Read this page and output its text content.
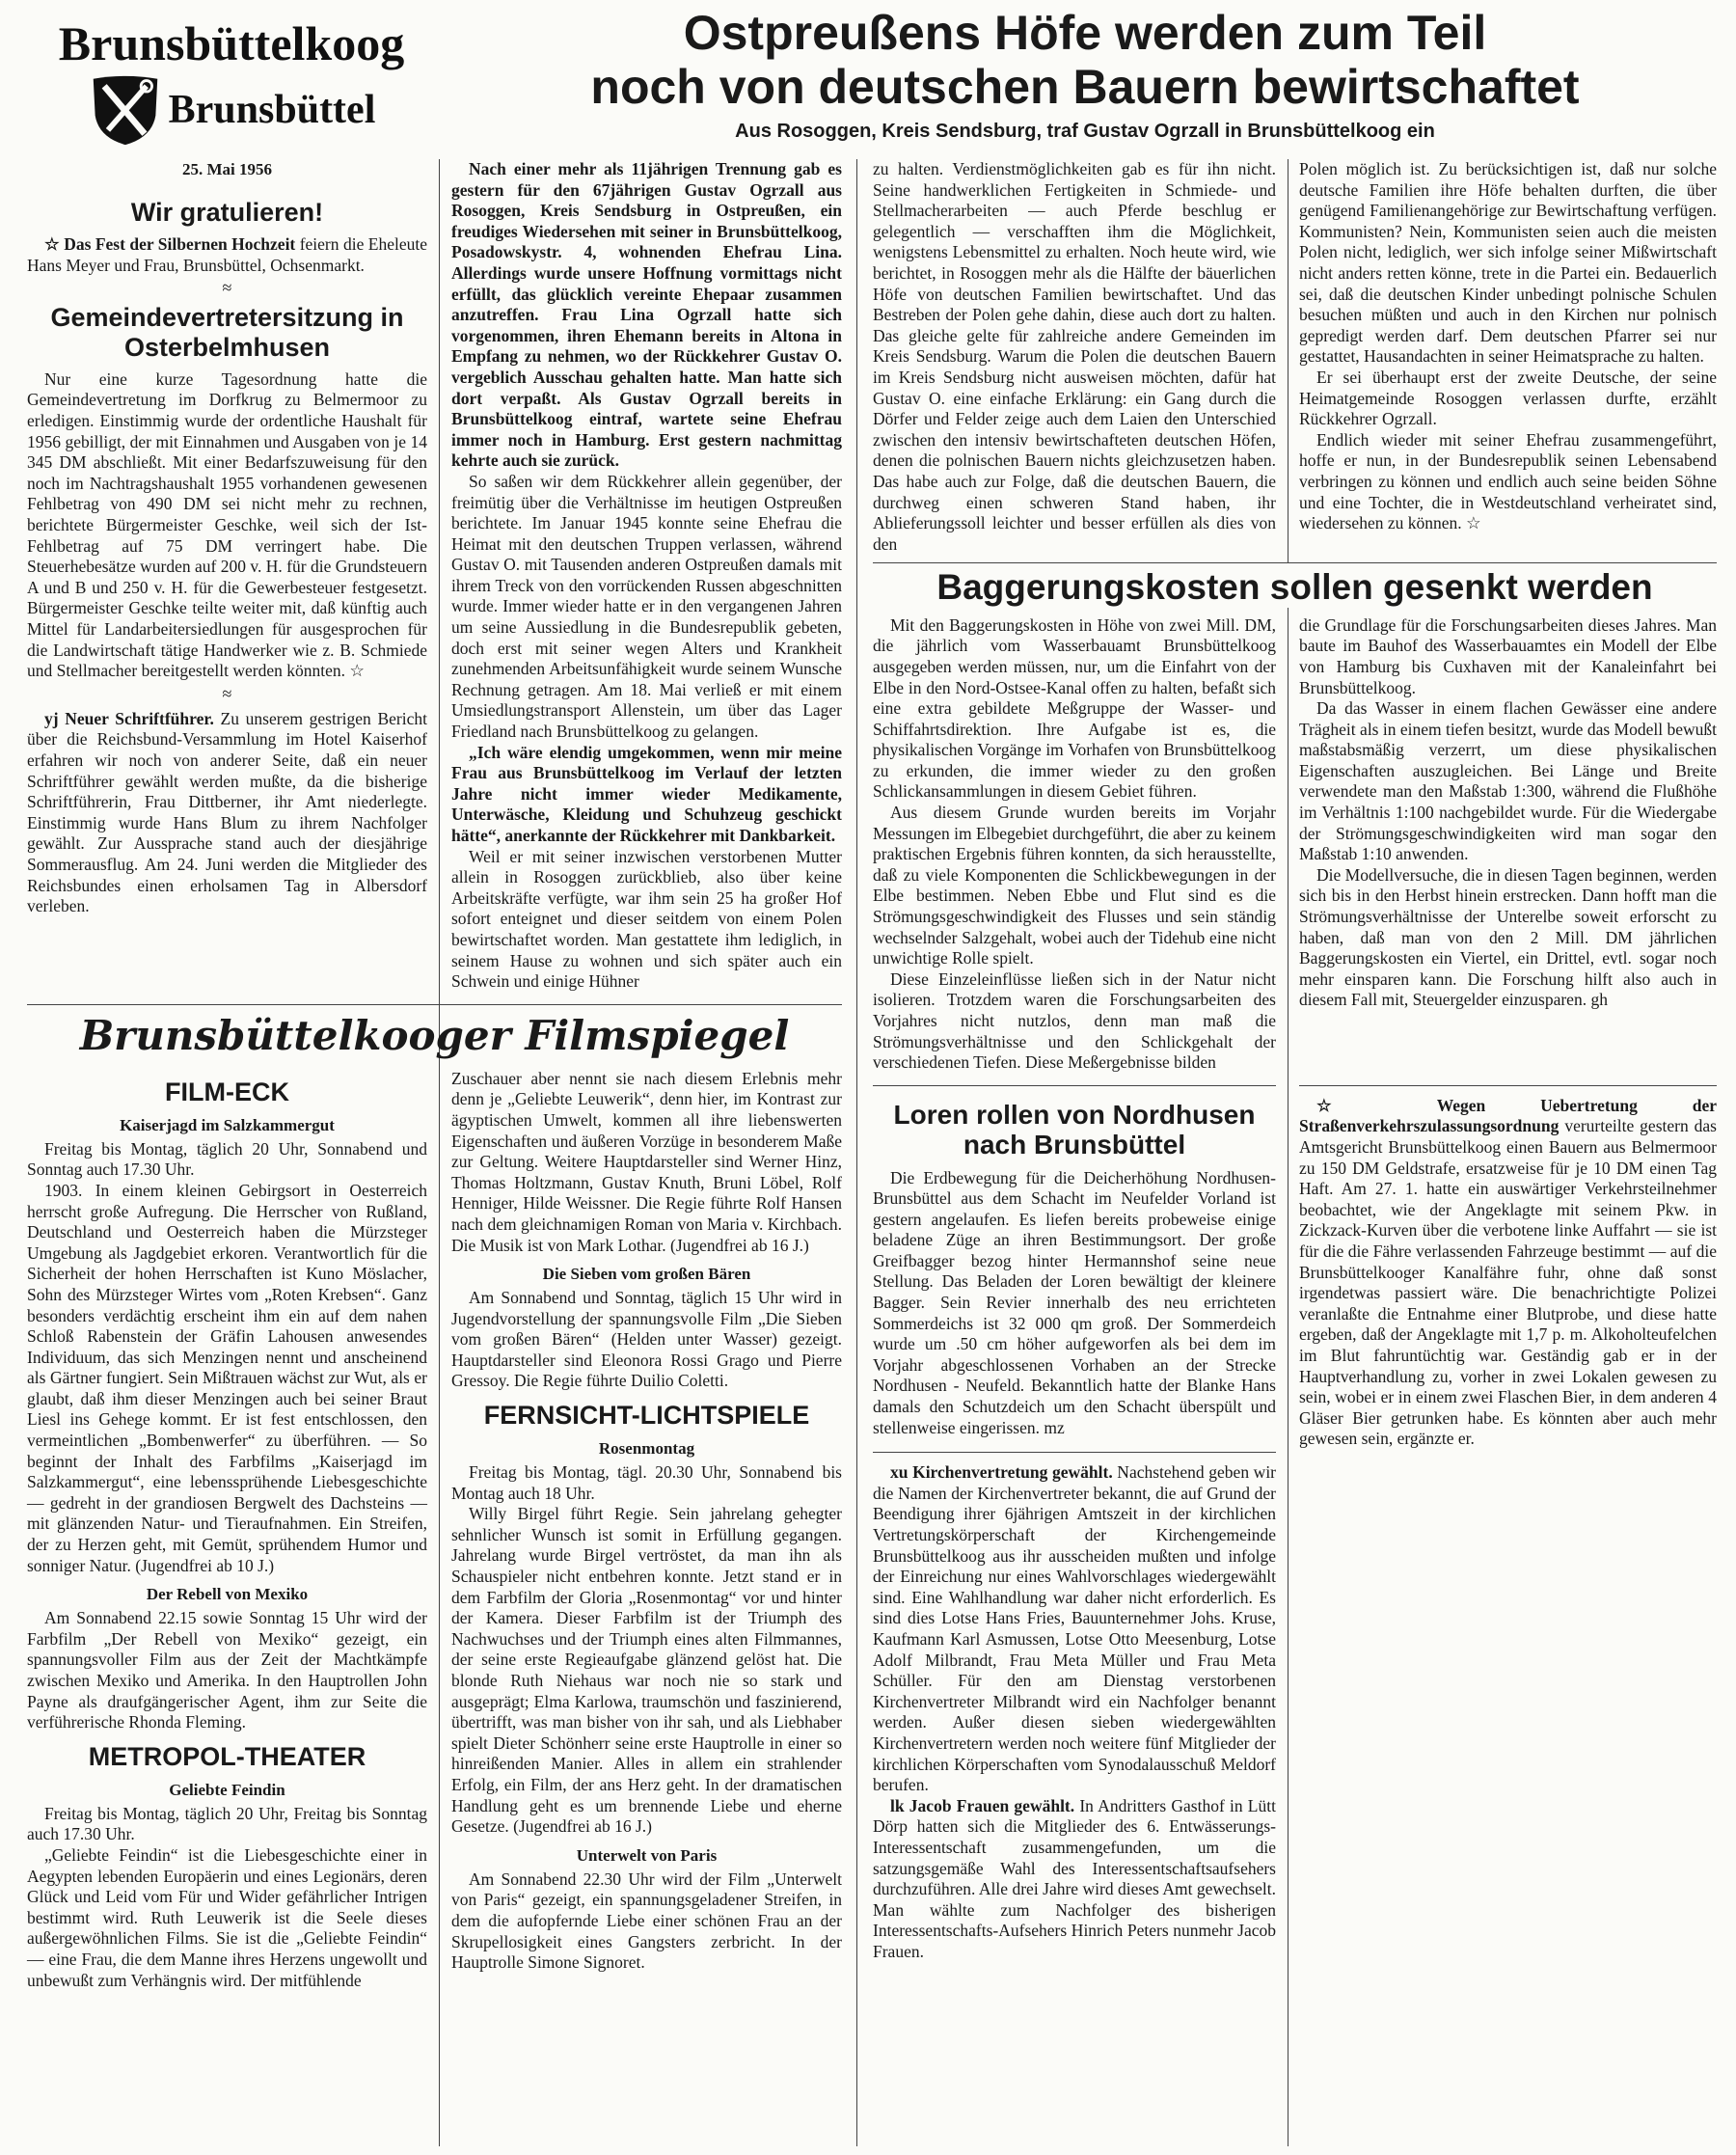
Brunsbüttelkoog
Brunsbüttel
Ostpreußens Höfe werden zum Teil
noch von deutschen Bauern bewirtschaftet
Aus Rosoggen, Kreis Sendsburg, traf Gustav Ogrzall in Brunsbüttelkoog ein
25. Mai 1956
Wir gratulieren!

☆ Das Fest der Silbernen Hochzeit feiern die Eheleute Hans Meyer und Frau, Brunsbüttel, Ochsenmarkt.

≈
Gemeindevertretersitzung in Osterbelmhusen

Nur eine kurze Tagesordnung hatte die Gemeindevertretung im Dorfkrug zu Belmermoor zu erledigen. Einstimmig wurde der ordentliche Haushalt für 1956 gebilligt, der mit Einnahmen und Ausgaben von je 14 345 DM abschließt. Mit einer Bedarfszuweisung für den noch im Nachtragshaushalt 1955 vorhandenen gewesenen Fehlbetrag von 490 DM sei nicht mehr zu rechnen, berichtete Bürgermeister Geschke, weil sich der Ist-Fehlbetrag auf 75 DM verringert habe. Die Steuerhebesätze wurden auf 200 v. H. für die Grundsteuern A und B und 250 v. H. für die Gewerbesteuer festgesetzt. Bürgermeister Geschke teilte weiter mit, daß künftig auch Mittel für Landarbeitersiedlungen für ausgesprochen für die Landwirtschaft tätige Handwerker wie z. B. Schmiede und Stellmacher bereitgestellt werden könnten. ☆

≈

yj Neuer Schriftführer. Zu unserem gestrigen Bericht über die Reichsbund-Versammlung im Hotel Kaiserhof erfahren wir noch von anderer Seite, daß ein neuer Schriftführer gewählt werden mußte, da die bisherige Schriftführerin, Frau Dittberner, ihr Amt niederlegte. Einstimmig wurde Hans Blum zu ihrem Nachfolger gewählt. Zur Aussprache stand auch der diesjährige Sommerausflug. Am 24. Juni werden die Mitglieder des Reichsbundes einen erholsamen Tag in Albersdorf verleben.

Nach einer mehr als 11jährigen Trennung gab es gestern für den 67jährigen Gustav Ogrzall aus Rosoggen, Kreis Sendsburg in Ostpreußen, ein freudiges Wiedersehen mit seiner in Brunsbüttelkoog, Posadowskystr. 4, wohnenden Ehefrau Lina. Allerdings wurde unsere Hoffnung vormittags nicht erfüllt, das glücklich vereinte Ehepaar zusammen anzutreffen. Frau Lina Ogrzall hatte sich vorgenommen, ihren Ehemann bereits in Altona in Empfang zu nehmen, wo der Rückkehrer Gustav O. vergeblich Ausschau gehalten hatte. Man hatte sich dort verpaßt. Als Gustav Ogrzall bereits in Brunsbüttelkoog eintraf, wartete seine Ehefrau immer noch in Hamburg. Erst gestern nachmittag kehrte auch sie zurück.

So saßen wir dem Rückkehrer allein gegenüber, der freimütig über die Verhältnisse im heutigen Ostpreußen berichtete. Im Januar 1945 konnte seine Ehefrau die Heimat mit den deutschen Truppen verlassen, während Gustav O. mit Tausenden anderen Ostpreußen damals mit ihrem Treck von den vorrückenden Russen abgeschnitten wurde. Immer wieder hatte er in den vergangenen Jahren um seine Aussiedlung in die Bundesrepublik gebeten, doch erst mit seiner wegen Alters und Krankheit zunehmenden Arbeitsunfähigkeit wurde seinem Wunsche Rechnung getragen. Am 18. Mai verließ er mit einem Umsiedlungstransport Allenstein, um über das Lager Friedland nach Brunsbüttelkoog zu gelangen.

„Ich wäre elendig umgekommen, wenn mir meine Frau aus Brunsbüttelkoog im Verlauf der letzten Jahre nicht immer wieder Medikamente, Unterwäsche, Kleidung und Schuhzeug geschickt hätte“, anerkannte der Rückkehrer mit Dankbarkeit.

Weil er mit seiner inzwischen verstorbenen Mutter allein in Rosoggen zurückblieb, also über keine Arbeitskräfte verfügte, war ihm sein 25 ha großer Hof sofort enteignet und dieser seitdem von einem Polen bewirtschaftet worden. Man gestattete ihm lediglich, in seinem Hause zu wohnen und sich später auch ein Schwein und einige Hühner

Brunsbüttelkooger Filmspiegel
FILM-ECK
Kaiserjagd im Salzkammergut

Freitag bis Montag, täglich 20 Uhr, Sonnabend und Sonntag auch 17.30 Uhr.

1903. In einem kleinen Gebirgsort in Oesterreich herrscht große Aufregung. Die Herrscher von Rußland, Deutschland und Oesterreich haben die Mürzsteger Umgebung als Jagdgebiet erkoren. Verantwortlich für die Sicherheit der hohen Herrschaften ist Kuno Möslacher, Sohn des Mürzsteger Wirtes vom „Roten Krebsen“. Ganz besonders verdächtig erscheint ihm ein auf dem nahen Schloß Rabenstein der Gräfin Lahousen anwesendes Individuum, das sich Menzingen nennt und anscheinend als Gärtner fungiert. Sein Mißtrauen wächst zur Wut, als er glaubt, daß ihm dieser Menzingen auch bei seiner Braut Liesl ins Gehege kommt. Er ist fest entschlossen, den vermeintlichen „Bombenwerfer“ zu überführen. — So beginnt der Inhalt des Farbfilms „Kaiserjagd im Salzkammergut“, eine lebenssprühende Liebesgeschichte — gedreht in der grandiosen Bergwelt des Dachsteins — mit glänzenden Natur- und Tieraufnahmen. Ein Streifen, der zu Herzen geht, mit Gemüt, sprühendem Humor und sonniger Natur. (Jugendfrei ab 10 J.)

Der Rebell von Mexiko

Am Sonnabend 22.15 sowie Sonntag 15 Uhr wird der Farbfilm „Der Rebell von Mexiko“ gezeigt, ein spannungsvoller Film aus der Zeit der Machtkämpfe zwischen Mexiko und Amerika. In den Hauptrollen John Payne als draufgängerischer Agent, ihm zur Seite die verführerische Rhonda Fleming.

METROPOL-THEATER
Geliebte Feindin

Freitag bis Montag, täglich 20 Uhr, Freitag bis Sonntag auch 17.30 Uhr.

„Geliebte Feindin“ ist die Liebesgeschichte einer in Aegypten lebenden Europäerin und eines Legionärs, deren Glück und Leid vom Für und Wider gefährlicher Intrigen bestimmt wird. Ruth Leuwerik ist die Seele dieses außergewöhnlichen Films. Sie ist die „Geliebte Feindin“ — eine Frau, die dem Manne ihres Herzens ungewollt und unbewußt zum Verhängnis wird. Der mitfühlende

Zuschauer aber nennt sie nach diesem Erlebnis mehr denn je „Geliebte Leuwerik“, denn hier, im Kontrast zur ägyptischen Umwelt, kommen all ihre liebenswerten Eigenschaften und äußeren Vorzüge in besonderem Maße zur Geltung. Weitere Hauptdarsteller sind Werner Hinz, Thomas Holtzmann, Gustav Knuth, Bruni Löbel, Rolf Henniger, Hilde Weissner. Die Regie führte Rolf Hansen nach dem gleichnamigen Roman von Maria v. Kirchbach. Die Musik ist von Mark Lothar. (Jugendfrei ab 16 J.)

Die Sieben vom großen Bären

Am Sonnabend und Sonntag, täglich 15 Uhr wird in Jugendvorstellung der spannungsvolle Film „Die Sieben vom großen Bären“ (Helden unter Wasser) gezeigt. Hauptdarsteller sind Eleonora Rossi Grago und Pierre Gressoy. Die Regie führte Duilio Coletti.

FERNSICHT-LICHTSPIELE
Rosenmontag

Freitag bis Montag, tägl. 20.30 Uhr, Sonnabend bis Montag auch 18 Uhr.

Willy Birgel führt Regie. Sein jahrelang gehegter sehnlicher Wunsch ist somit in Erfüllung gegangen. Jahrelang wurde Birgel vertröstet, da man ihn als Schauspieler nicht entbehren konnte. Jetzt stand er in dem Farbfilm der Gloria „Rosenmontag“ vor und hinter der Kamera. Dieser Farbfilm ist der Triumph des Nachwuchses und der Triumph eines alten Filmmannes, der seine erste Regieaufgabe glänzend gelöst hat. Die blonde Ruth Niehaus war noch nie so stark und ausgeprägt; Elma Karlowa, traumschön und faszinierend, übertrifft, was man bisher von ihr sah, und als Liebhaber spielt Dieter Schönherr seine erste Hauptrolle in einer so hinreißenden Manier. Alles in allem ein strahlender Erfolg, ein Film, der ans Herz geht. In der dramatischen Handlung geht es um brennende Liebe und eherne Gesetze. (Jugendfrei ab 16 J.)

Unterwelt von Paris

Am Sonnabend 22.30 Uhr wird der Film „Unterwelt von Paris“ gezeigt, ein spannungsgeladener Streifen, in dem die aufopfernde Liebe einer schönen Frau an der Skrupellosigkeit eines Gangsters zerbricht. In der Hauptrolle Simone Signoret.

zu halten. Verdienstmöglichkeiten gab es für ihn nicht. Seine handwerklichen Fertigkeiten in Schmiede- und Stellmacherarbeiten — auch Pferde beschlug er gelegentlich — verschafften ihm die Möglichkeit, wenigstens Lebensmittel zu erhalten. Noch heute wird, wie berichtet, in Rosoggen mehr als die Hälfte der bäuerlichen Höfe von deutschen Familien bewirtschaftet. Und das Bestreben der Polen gehe dahin, diese auch dort zu halten. Das gleiche gelte für zahlreiche andere Gemeinden im Kreis Sendsburg. Warum die Polen die deutschen Bauern im Kreis Sendsburg nicht ausweisen möchten, dafür hat Gustav O. eine einfache Erklärung: ein Gang durch die Dörfer und Felder zeige auch dem Laien den Unterschied zwischen den intensiv bewirtschafteten deutschen Höfen, denen die polnischen Bauern nichts gleichzusetzen haben. Das habe auch zur Folge, daß die deutschen Bauern, die durchweg einen schweren Stand haben, ihr Ablieferungssoll leichter und besser erfüllen als dies von den

Polen möglich ist. Zu berücksichtigen ist, daß nur solche deutsche Familien ihre Höfe behalten durften, die über genügend Familienangehörige zur Bewirtschaftung verfügen. Kommunisten? Nein, Kommunisten seien auch die meisten Polen nicht, lediglich, wer sich infolge seiner Mißwirtschaft nicht anders retten könne, trete in die Partei ein. Bedauerlich sei, daß die deutschen Kinder unbedingt polnische Schulen besuchen müßten und auch in den Kirchen nur polnisch gepredigt werden darf. Dem deutschen Pfarrer sei nur gestattet, Hausandachten in seiner Heimatsprache zu halten.

Er sei überhaupt erst der zweite Deutsche, der seine Heimatgemeinde Rosoggen verlassen durfte, erzählt Rückkehrer Ogrzall.

Endlich wieder mit seiner Ehefrau zusammengeführt, hoffe er nun, in der Bundesrepublik seinen Lebensabend verbringen zu können und endlich auch seine beiden Söhne und eine Tochter, die in Westdeutschland verheiratet sind, wiedersehen zu können. ☆

Baggerungskosten sollen gesenkt werden

Mit den Baggerungskosten in Höhe von zwei Mill. DM, die jährlich vom Wasserbauamt Brunsbüttelkoog ausgegeben werden müssen, nur, um die Einfahrt von der Elbe in den Nord-Ostsee-Kanal offen zu halten, befaßt sich eine extra gebildete Meßgruppe der Wasser- und Schiffahrtsdirektion. Ihre Aufgabe ist es, die physikalischen Vorgänge im Vorhafen von Brunsbüttelkoog zu erkunden, die immer wieder zu den großen Schlickansammlungen in diesem Gebiet führen.

Aus diesem Grunde wurden bereits im Vorjahr Messungen im Elbegebiet durchgeführt, die aber zu keinem praktischen Ergebnis führen konnten, da sich herausstellte, daß zu viele Komponenten die Schlickbewegungen in der Elbe bestimmen. Neben Ebbe und Flut sind es die Strömungsgeschwindigkeit des Flusses und sein ständig wechselnder Salzgehalt, wobei auch der Tidehub eine nicht unwichtige Rolle spielt.

Diese Einzeleinflüsse ließen sich in der Natur nicht isolieren. Trotzdem waren die Forschungsarbeiten des Vorjahres nicht nutzlos, denn man maß die Strömungsverhältnisse und den Schlickgehalt der verschiedenen Tiefen. Diese Meßergebnisse bilden

die Grundlage für die Forschungsarbeiten dieses Jahres. Man baute im Bauhof des Wasserbauamtes ein Modell der Elbe von Hamburg bis Cuxhaven mit der Kanaleinfahrt bei Brunsbüttelkoog.

Da das Wasser in einem flachen Gewässer eine andere Trägheit als in einem tiefen besitzt, wurde das Modell bewußt maßstabsmäßig verzerrt, um diese physikalischen Eigenschaften auszugleichen. Bei Länge und Breite verwendete man den Maßstab 1:300, während die Flußhöhe im Verhältnis 1:100 nachgebildet wurde. Für die Wiedergabe der Strömungsgeschwindigkeiten wird man sogar den Maßstab 1:10 anwenden.

Die Modellversuche, die in diesen Tagen beginnen, werden sich bis in den Herbst hinein erstrecken. Dann hofft man die Strömungsverhältnisse der Unterelbe soweit erforscht zu haben, daß man von den 2 Mill. DM jährlichen Baggerungskosten ein Viertel, ein Drittel, evtl. sogar noch mehr einsparen kann. Die Forschung hilft also auch in diesem Fall mit, Steuergelder einzusparen. gh

Loren rollen von Nordhusen nach Brunsbüttel

Die Erdbewegung für die Deicherhöhung Nordhusen-Brunsbüttel aus dem Schacht im Neufelder Vorland ist gestern angelaufen. Es liefen bereits probeweise einige beladene Züge an ihren Bestimmungsort. Der große Greifbagger bezog hinter Hermannshof seine neue Stellung. Das Beladen der Loren bewältigt der kleinere Bagger. Sein Revier innerhalb des neu errichteten Sommerdeichs ist 32 000 qm groß. Der Sommerdeich wurde um .50 cm höher aufgeworfen als bei dem im Vorjahr abgeschlossenen Vorhaben an der Strecke Nordhusen - Neufeld. Bekanntlich hatte der Blanke Hans damals den Schutzdeich um den Schacht überspült und stellenweise eingerissen. mz

xu Kirchenvertretung gewählt. Nachstehend geben wir die Namen der Kirchenvertreter bekannt, die auf Grund der Beendigung ihrer 6jährigen Amtszeit in der kirchlichen Vertretungskörperschaft der Kirchengemeinde Brunsbüttelkoog aus ihr ausscheiden mußten und infolge der Einreichung nur eines Wahlvorschlages wiedergewählt sind. Eine Wahlhandlung war daher nicht erforderlich. Es sind dies Lotse Hans Fries, Bauunternehmer Johs. Kruse, Kaufmann Karl Asmussen, Lotse Otto Meesenburg, Lotse Adolf Milbrandt, Frau Meta Müller und Frau Meta Schüller. Für den am Dienstag verstorbenen Kirchenvertreter Milbrandt wird ein Nachfolger benannt werden. Außer diesen sieben wiedergewählten Kirchenvertretern werden noch weitere fünf Mitglieder der kirchlichen Körperschaften vom Synodalausschuß Meldorf berufen.

lk Jacob Frauen gewählt. In Andritters Gasthof in Lütt Dörp hatten sich die Mitglieder des 6. Entwässerungs-Interessentschaft zusammengefunden, um die satzungsgemäße Wahl des Interessentschaftsaufsehers durchzuführen. Alle drei Jahre wird dieses Amt gewechselt. Man wählte zum Nachfolger des bisherigen Interessentschafts-Aufsehers Hinrich Peters nunmehr Jacob Frauen.

☆ Wegen Uebertretung der Straßenverkehrszulassungsordnung verurteilte gestern das Amtsgericht Brunsbüttelkoog einen Bauern aus Belmermoor zu 150 DM Geldstrafe, ersatzweise für je 10 DM einen Tag Haft. Am 27. 1. hatte ein auswärtiger Verkehrsteilnehmer beobachtet, wie der Angeklagte mit seinem Pkw. in Zickzack-Kurven über die verbotene linke Auffahrt — sie ist für die die Fähre verlassenden Fahrzeuge bestimmt — auf die Brunsbüttelkooger Kanalfähre fuhr, ohne daß sonst irgendetwas passiert wäre. Die benachrichtigte Polizei veranlaßte die Entnahme einer Blutprobe, und diese hatte ergeben, daß der Angeklagte mit 1,7 p. m. Alkoholteufelchen im Blut fahruntüchtig war. Geständig gab er in der Hauptverhandlung zu, vorher in zwei Lokalen gewesen zu sein, wobei er in einem zwei Flaschen Bier, in dem anderen 4 Gläser Bier getrunken habe. Es könnten aber auch mehr gewesen sein, ergänzte er.
